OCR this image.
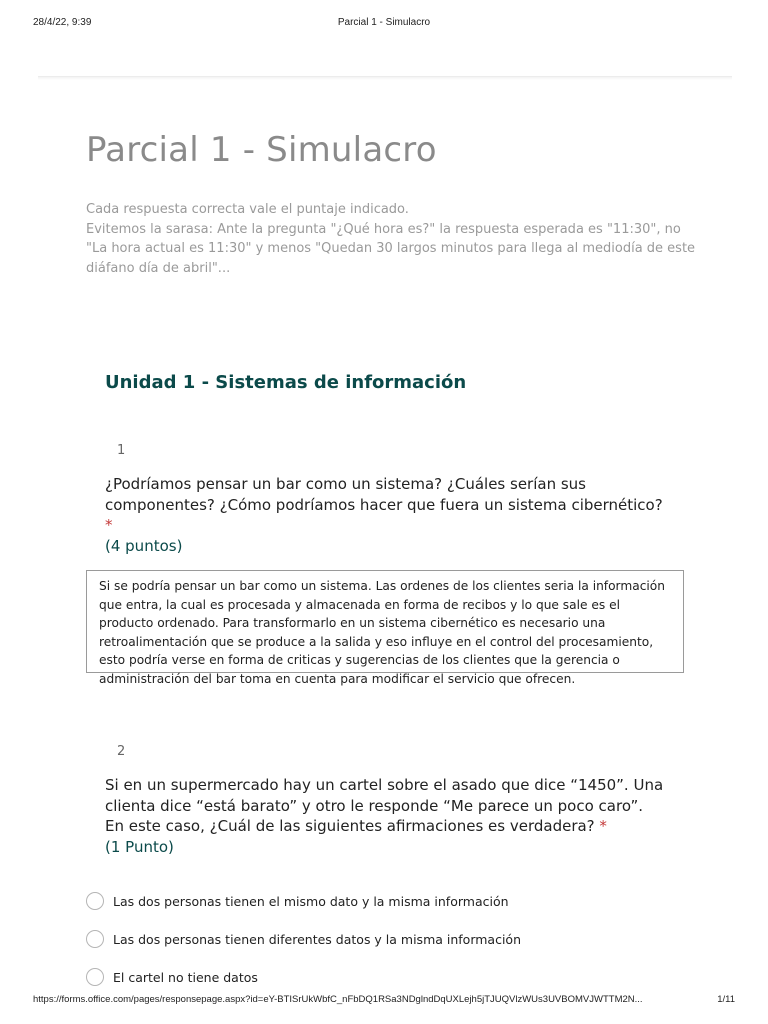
28/4/22, 9:39	Parcial 1 - Simulacro
Parcial 1 - Simulacro

Cada respuesta correcta vale el puntaje indicado.

Evitemos la sarasa: Ante la pregunta "¿Qué hora es?" la respuesta esperada es "11:30", no "La hora actual es 11:30" y menos "Quedan 30 largos minutos para llega al mediodía de este diáfano día de abril"...

Unidad 1 - Sistemas de información
1
¿Podríamos pensar un bar como un sistema? ¿Cuáles serían sus componentes? ¿Cómo podríamos hacer que fuera un sistema cibernético? *
(4 puntos)
Si se podría pensar un bar como un sistema. Las ordenes de los clientes seria la información que entra, la cual es procesada y almacenada en forma de recibos y lo que sale es el producto ordenado. Para transformarlo en un sistema cibernético es necesario una retroalimentación que se produce a la salida y eso influye en el control del procesamiento, esto podría verse en forma de criticas y sugerencias de los clientes que la gerencia o administración del bar toma en cuenta para modificar el servicio que ofrecen.
2
Si en un supermercado hay un cartel sobre el asado que dice “1450”. Una clienta dice “está barato” y otro le responde “Me parece un poco caro”. En este caso, ¿Cuál de las siguientes afirmaciones es verdadera? *
(1 Punto)
Las dos personas tienen el mismo dato y la misma información
Las dos personas tienen diferentes datos y la misma información
El cartel no tiene datos
https://forms.office.com/pages/responsepage.aspx?id=eY-BTISrUkWbfC_nFbDQ1RSa3NDglndDqUXLejh5jTJUQVlzWUs3UVBOMVJWTTM2N...	1/11
